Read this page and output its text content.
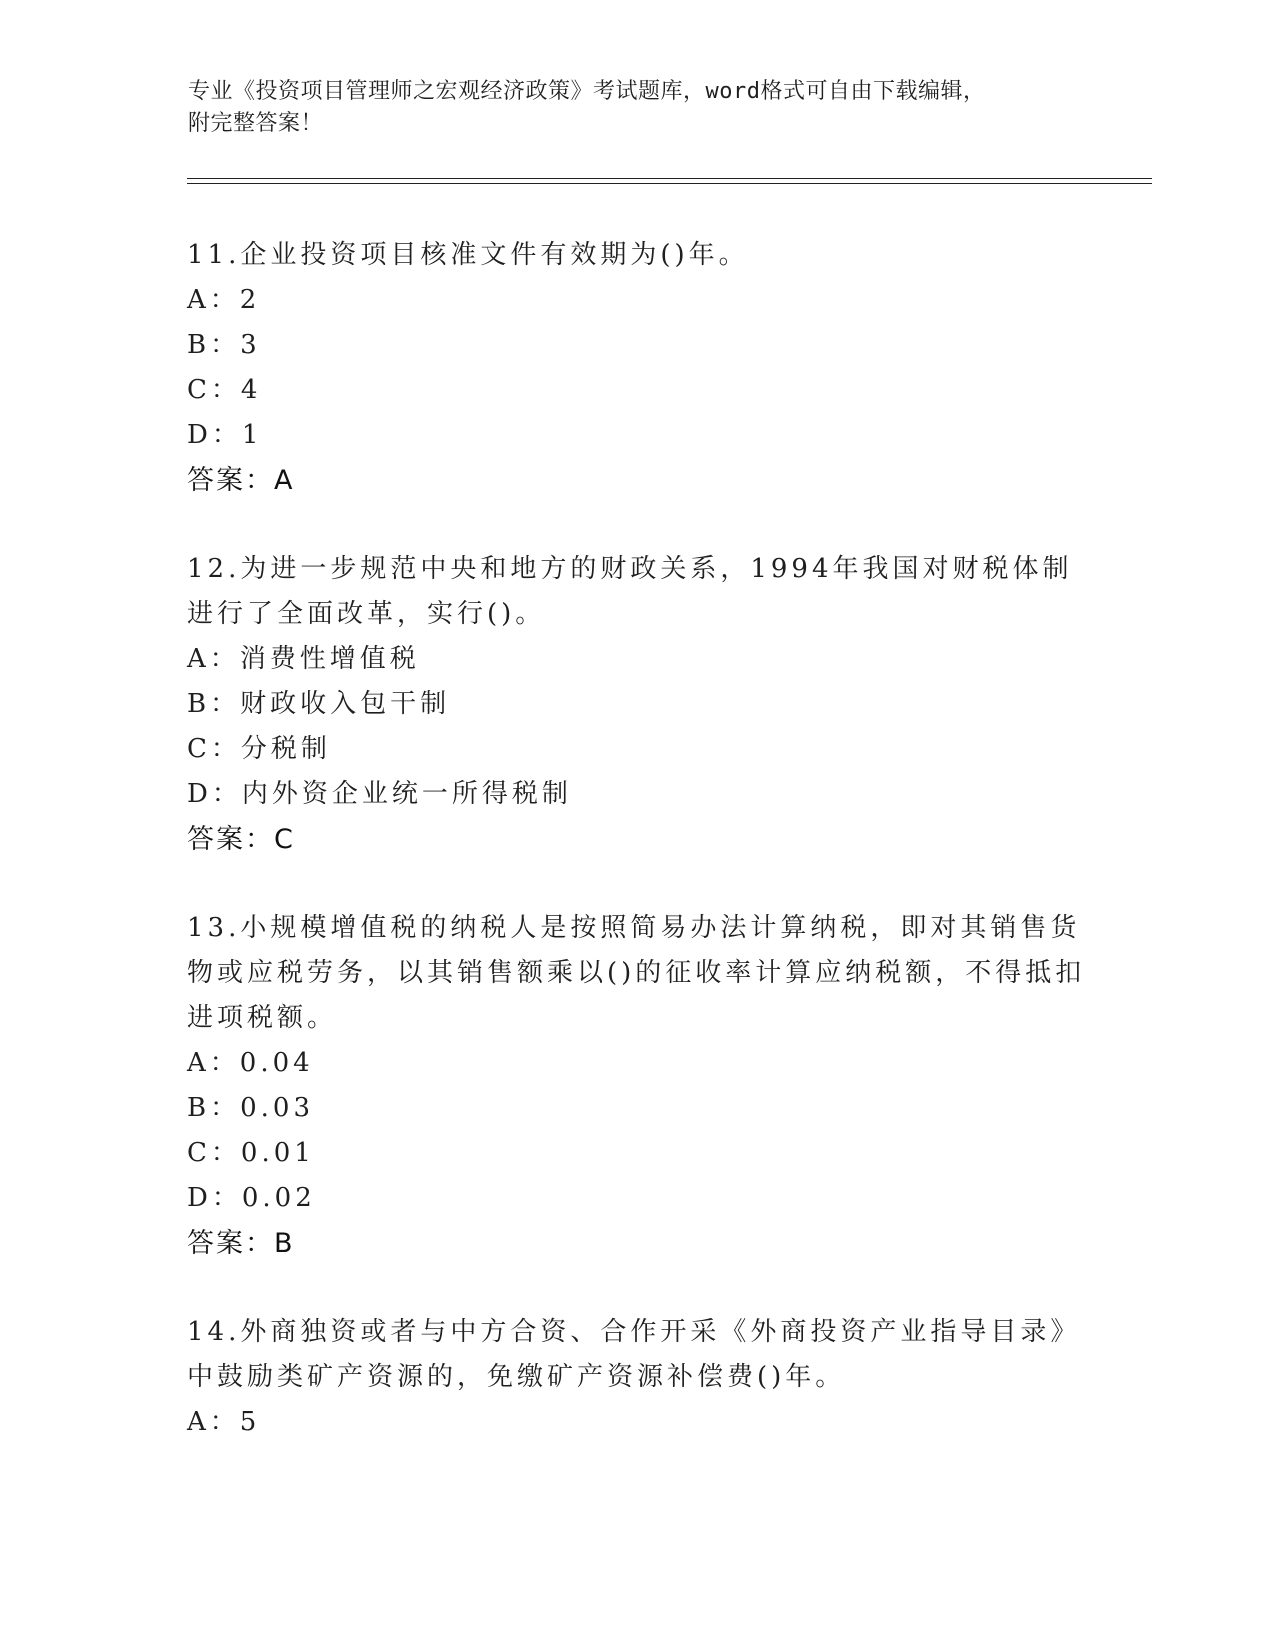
专业《投资项目管理师之宏观经济政策》考试题库，word格式可自由下载编辑，

附完整答案！

11.企业投资项目核准文件有效期为()年。

A：2

B：3

C：4

D：1

答案：A

12.为进一步规范中央和地方的财政关系，1994年我国对财税体制进行了全面改革，实行()。

A：消费性增值税

B：财政收入包干制

C：分税制

D：内外资企业统一所得税制

答案：C

13.小规模增值税的纳税人是按照简易办法计算纳税，即对其销售货物或应税劳务，以其销售额乘以()的征收率计算应纳税额，不得抵扣进项税额。

A：0.04

B：0.03

C：0.01

D：0.02

答案：B

14.外商独资或者与中方合资、合作开采《外商投资产业指导目录》中鼓励类矿产资源的，免缴矿产资源补偿费()年。

A：5
